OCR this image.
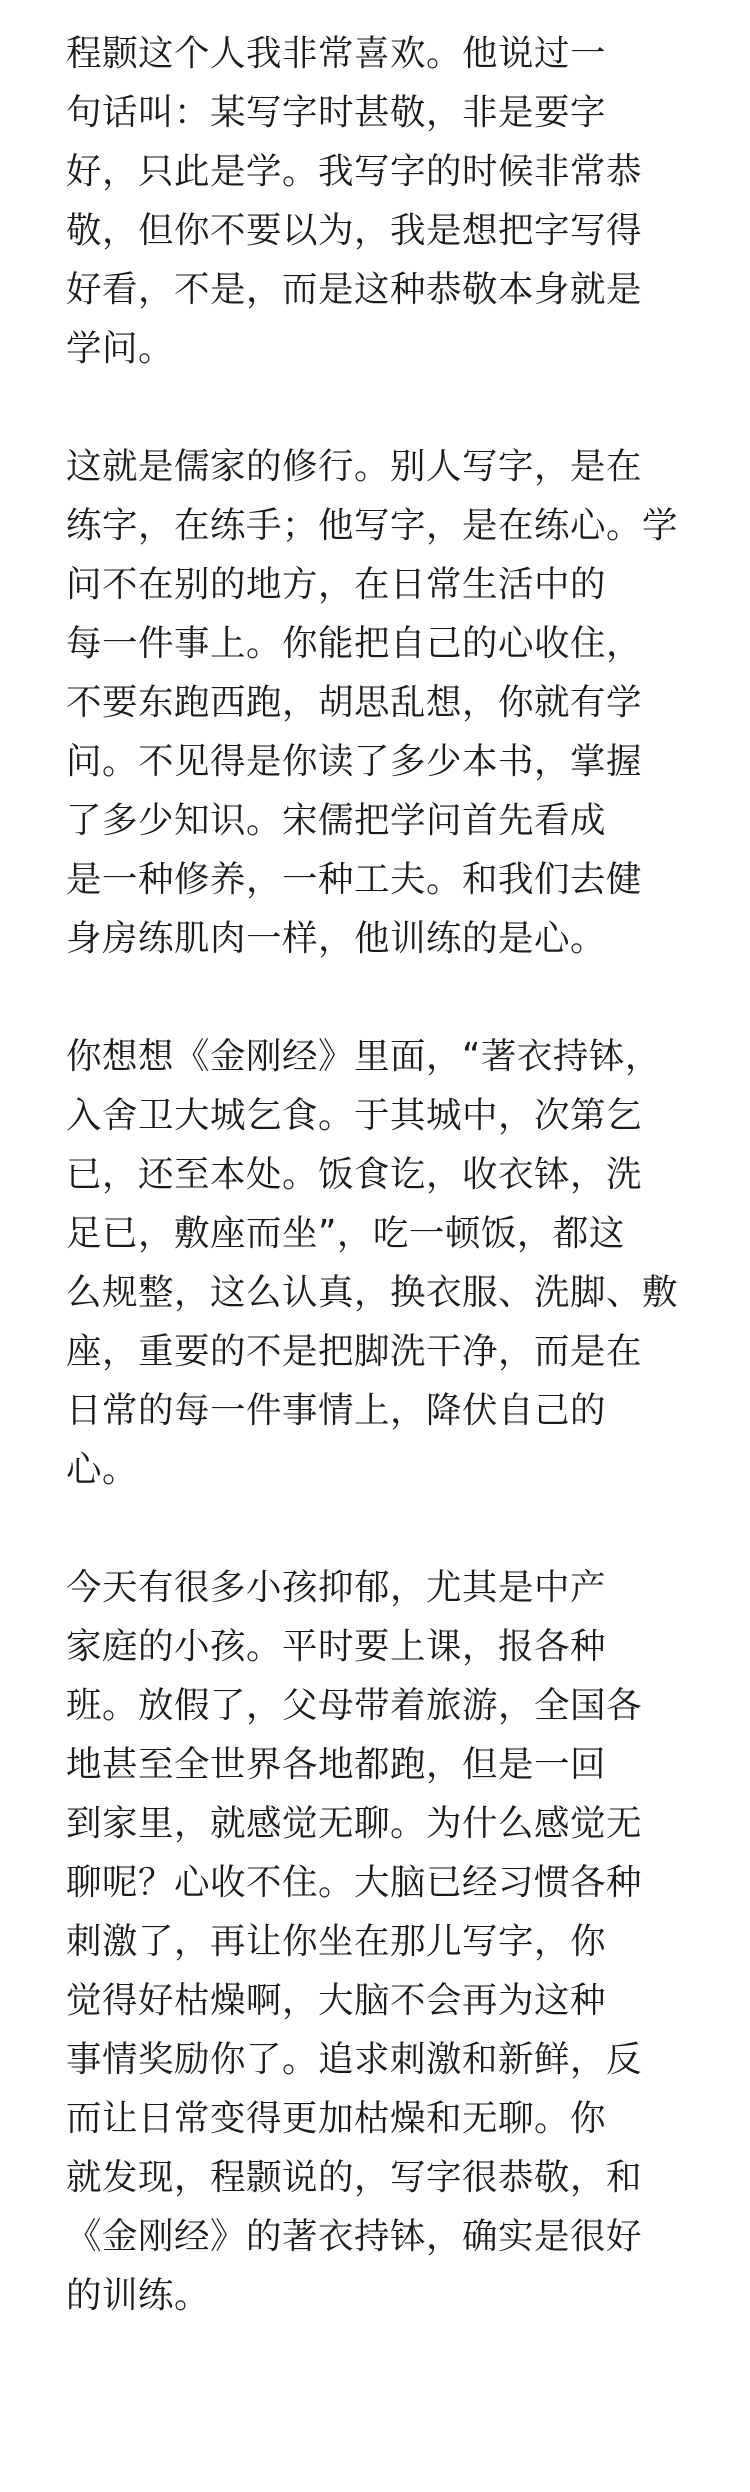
程颢这个人我非常喜欢。他说过一
句话叫：某写字时甚敬，非是要字
好，只此是学。我写字的时候非常恭
敬，但你不要以为，我是想把字写得
好看，不是，而是这种恭敬本身就是
学问。
这就是儒家的修行。别人写字，是在
练字，在练手；他写字，是在练心。学
问不在别的地方，在日常生活中的
每一件事上。你能把自己的心收住，
不要东跑西跑，胡思乱想，你就有学
问。不见得是你读了多少本书，掌握
了多少知识。宋儒把学问首先看成
是一种修养，一种工夫。和我们去健
身房练肌肉一样，他训练的是心。
你想想《金刚经》里面，“著衣持钵，
入舍卫大城乞食。于其城中，次第乞
已，还至本处。饭食讫，收衣钵，洗
足已，敷座而坐”，吃一顿饭，都这
么规整，这么认真，换衣服、洗脚、敷
座，重要的不是把脚洗干净，而是在
日常的每一件事情上，降伏自己的
心。
今天有很多小孩抑郁，尤其是中产
家庭的小孩。平时要上课，报各种
班。放假了，父母带着旅游，全国各
地甚至全世界各地都跑，但是一回
到家里，就感觉无聊。为什么感觉无
聊呢？心收不住。大脑已经习惯各种
刺激了，再让你坐在那儿写字，你
觉得好枯燥啊，大脑不会再为这种
事情奖励你了。追求刺激和新鲜，反
而让日常变得更加枯燥和无聊。你
就发现，程颢说的，写字很恭敬，和
《金刚经》的著衣持钵，确实是很好
的训练。
